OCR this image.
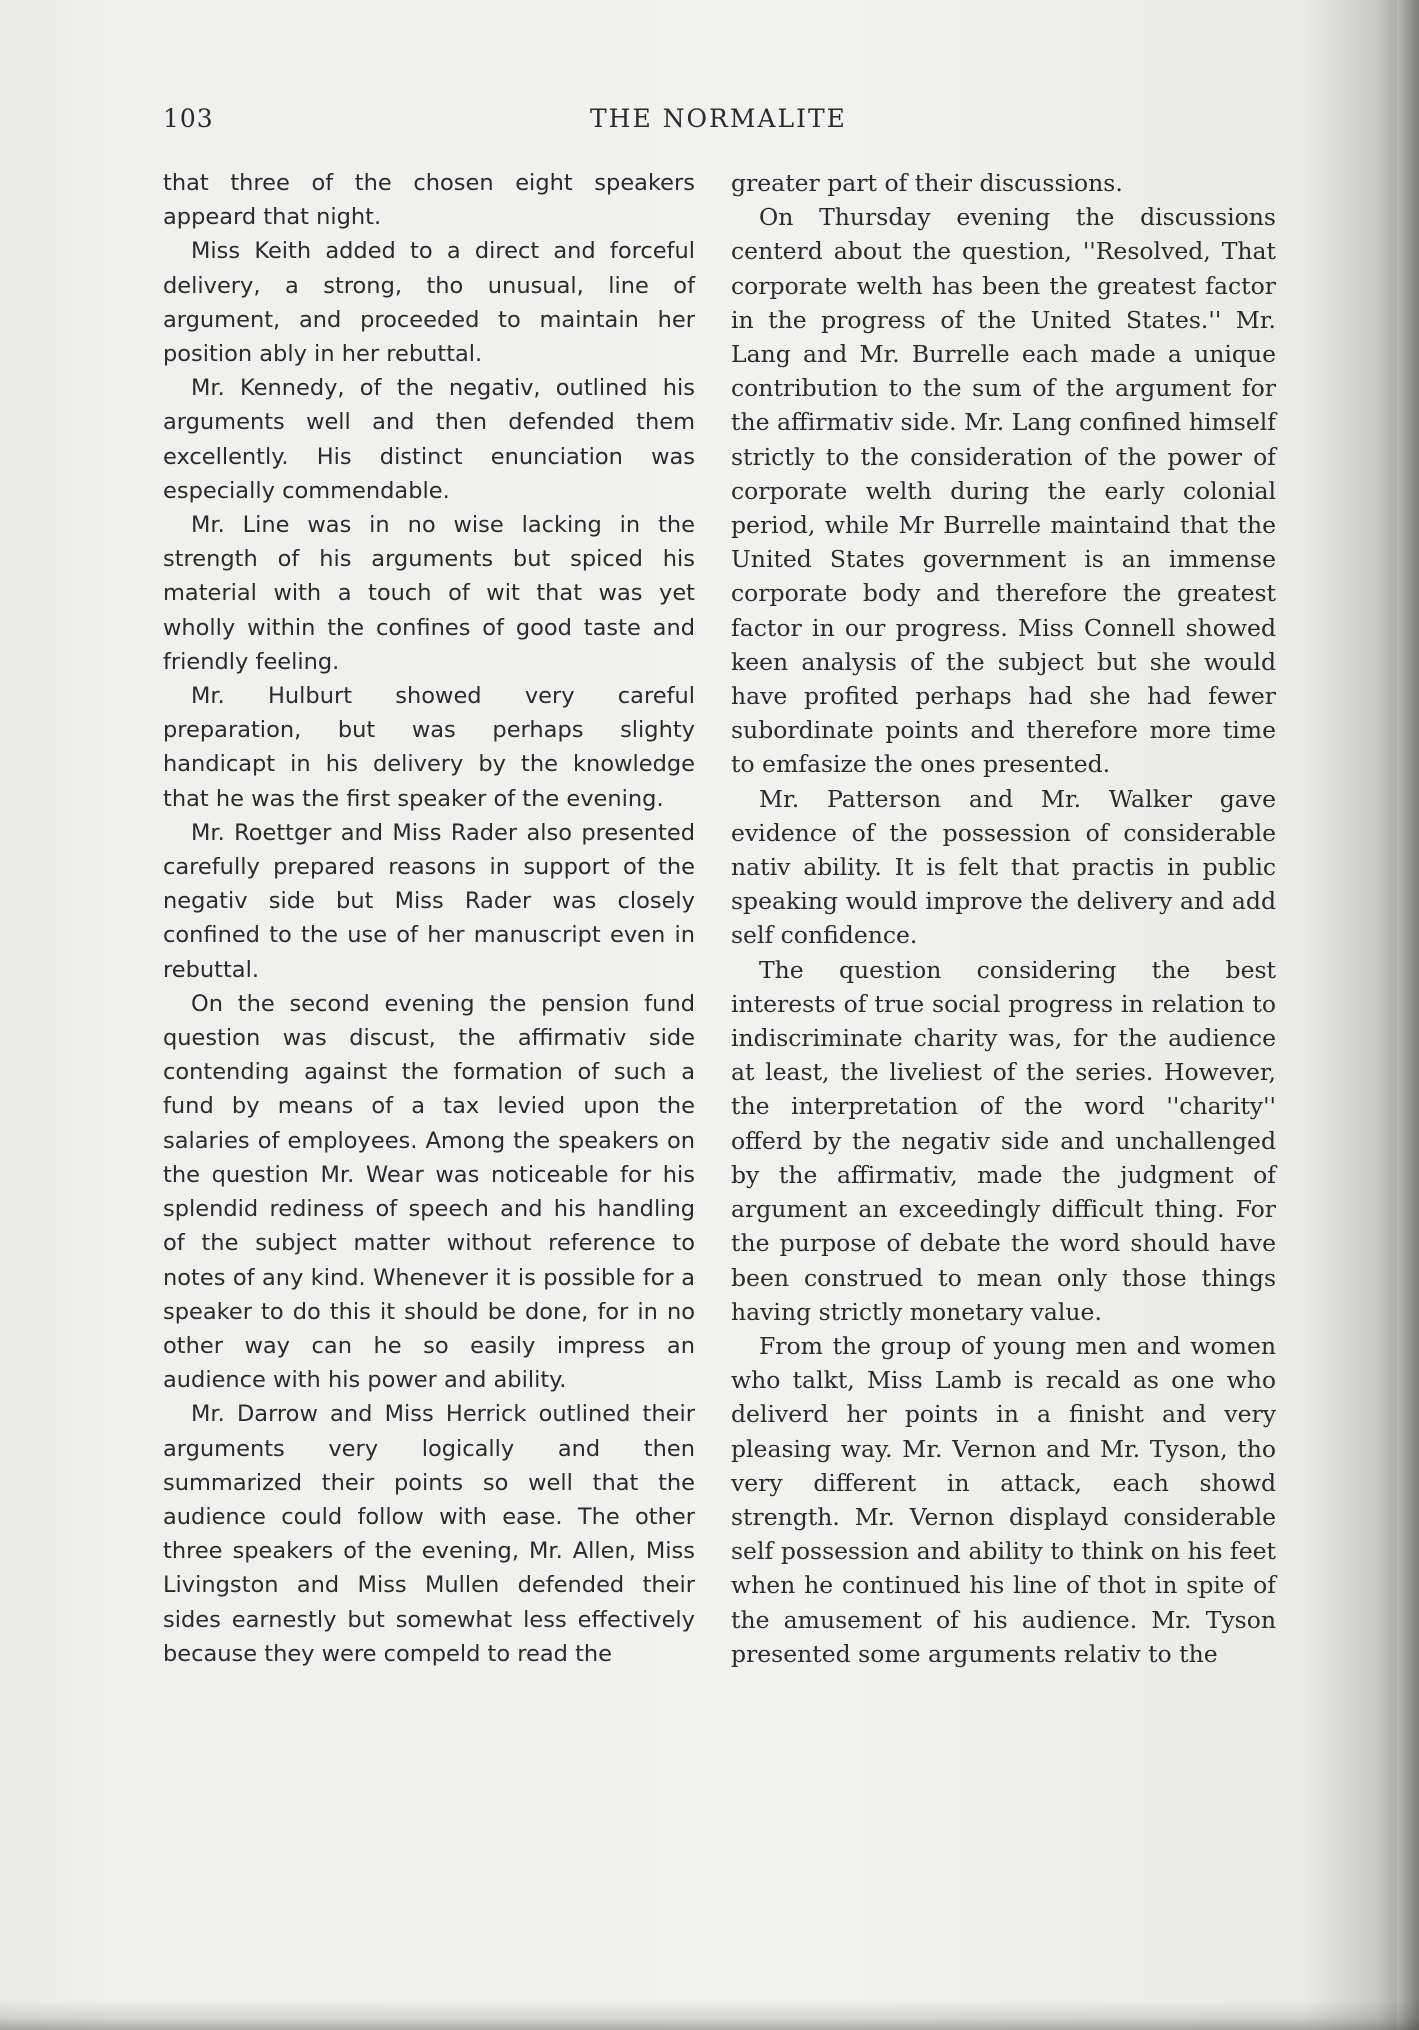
103	THE NORMALITE

that three of the chosen eight speakers appeard that night.

Miss Keith added to a direct and forceful delivery, a strong, tho unusual, line of argument, and proceeded to maintain her position ably in her rebuttal.

Mr. Kennedy, of the negativ, outlined his arguments well and then defended them excellently. His distinct enunciation was especially commendable.

Mr. Line was in no wise lacking in the strength of his arguments but spiced his material with a touch of wit that was yet wholly within the confines of good taste and friendly feeling.

Mr. Hulburt showed very careful preparation, but was perhaps slighty handicapt in his delivery by the knowledge that he was the first speaker of the evening.

Mr. Roettger and Miss Rader also presented carefully prepared reasons in support of the negativ side but Miss Rader was closely confined to the use of her manuscript even in rebuttal.

On the second evening the pension fund question was discust, the affirmativ side contending against the formation of such a fund by means of a tax levied upon the salaries of employees. Among the speakers on the question Mr. Wear was noticeable for his splendid rediness of speech and his handling of the subject matter without reference to notes of any kind. Whenever it is possible for a speaker to do this it should be done, for in no other way can he so easily impress an audience with his power and ability.

Mr. Darrow and Miss Herrick outlined their arguments very logically and then summarized their points so well that the audience could follow with ease. The other three speakers of the evening, Mr. Allen, Miss Livingston and Miss Mullen defended their sides earnestly but somewhat less effectively because they were compeld to read the

greater part of their discussions.

On Thursday evening the discussions centerd about the question, ''Resolved, That corporate welth has been the greatest factor in the progress of the United States.'' Mr. Lang and Mr. Burrelle each made a unique contribution to the sum of the argument for the affirmativ side. Mr. Lang confined himself strictly to the consideration of the power of corporate welth during the early colonial period, while Mr Burrelle maintaind that the United States government is an immense corporate body and therefore the greatest factor in our progress. Miss Connell showed keen analysis of the subject but she would have profited perhaps had she had fewer subordinate points and therefore more time to emfasize the ones presented.

Mr. Patterson and Mr. Walker gave evidence of the possession of considerable nativ ability. It is felt that practis in public speaking would improve the delivery and add self confidence.

The question considering the best interests of true social progress in relation to indiscriminate charity was, for the audience at least, the liveliest of the series. However, the interpretation of the word ''charity'' offerd by the negativ side and unchallenged by the affirmativ, made the judgment of argument an exceedingly difficult thing. For the purpose of debate the word should have been construed to mean only those things having strictly monetary value.

From the group of young men and women who talkt, Miss Lamb is recald as one who deliverd her points in a finisht and very pleasing way. Mr. Vernon and Mr. Tyson, tho very different in attack, each showd strength. Mr. Vernon displayd considerable self possession and ability to think on his feet when he continued his line of thot in spite of the amusement of his audience. Mr. Tyson presented some arguments relativ to the
